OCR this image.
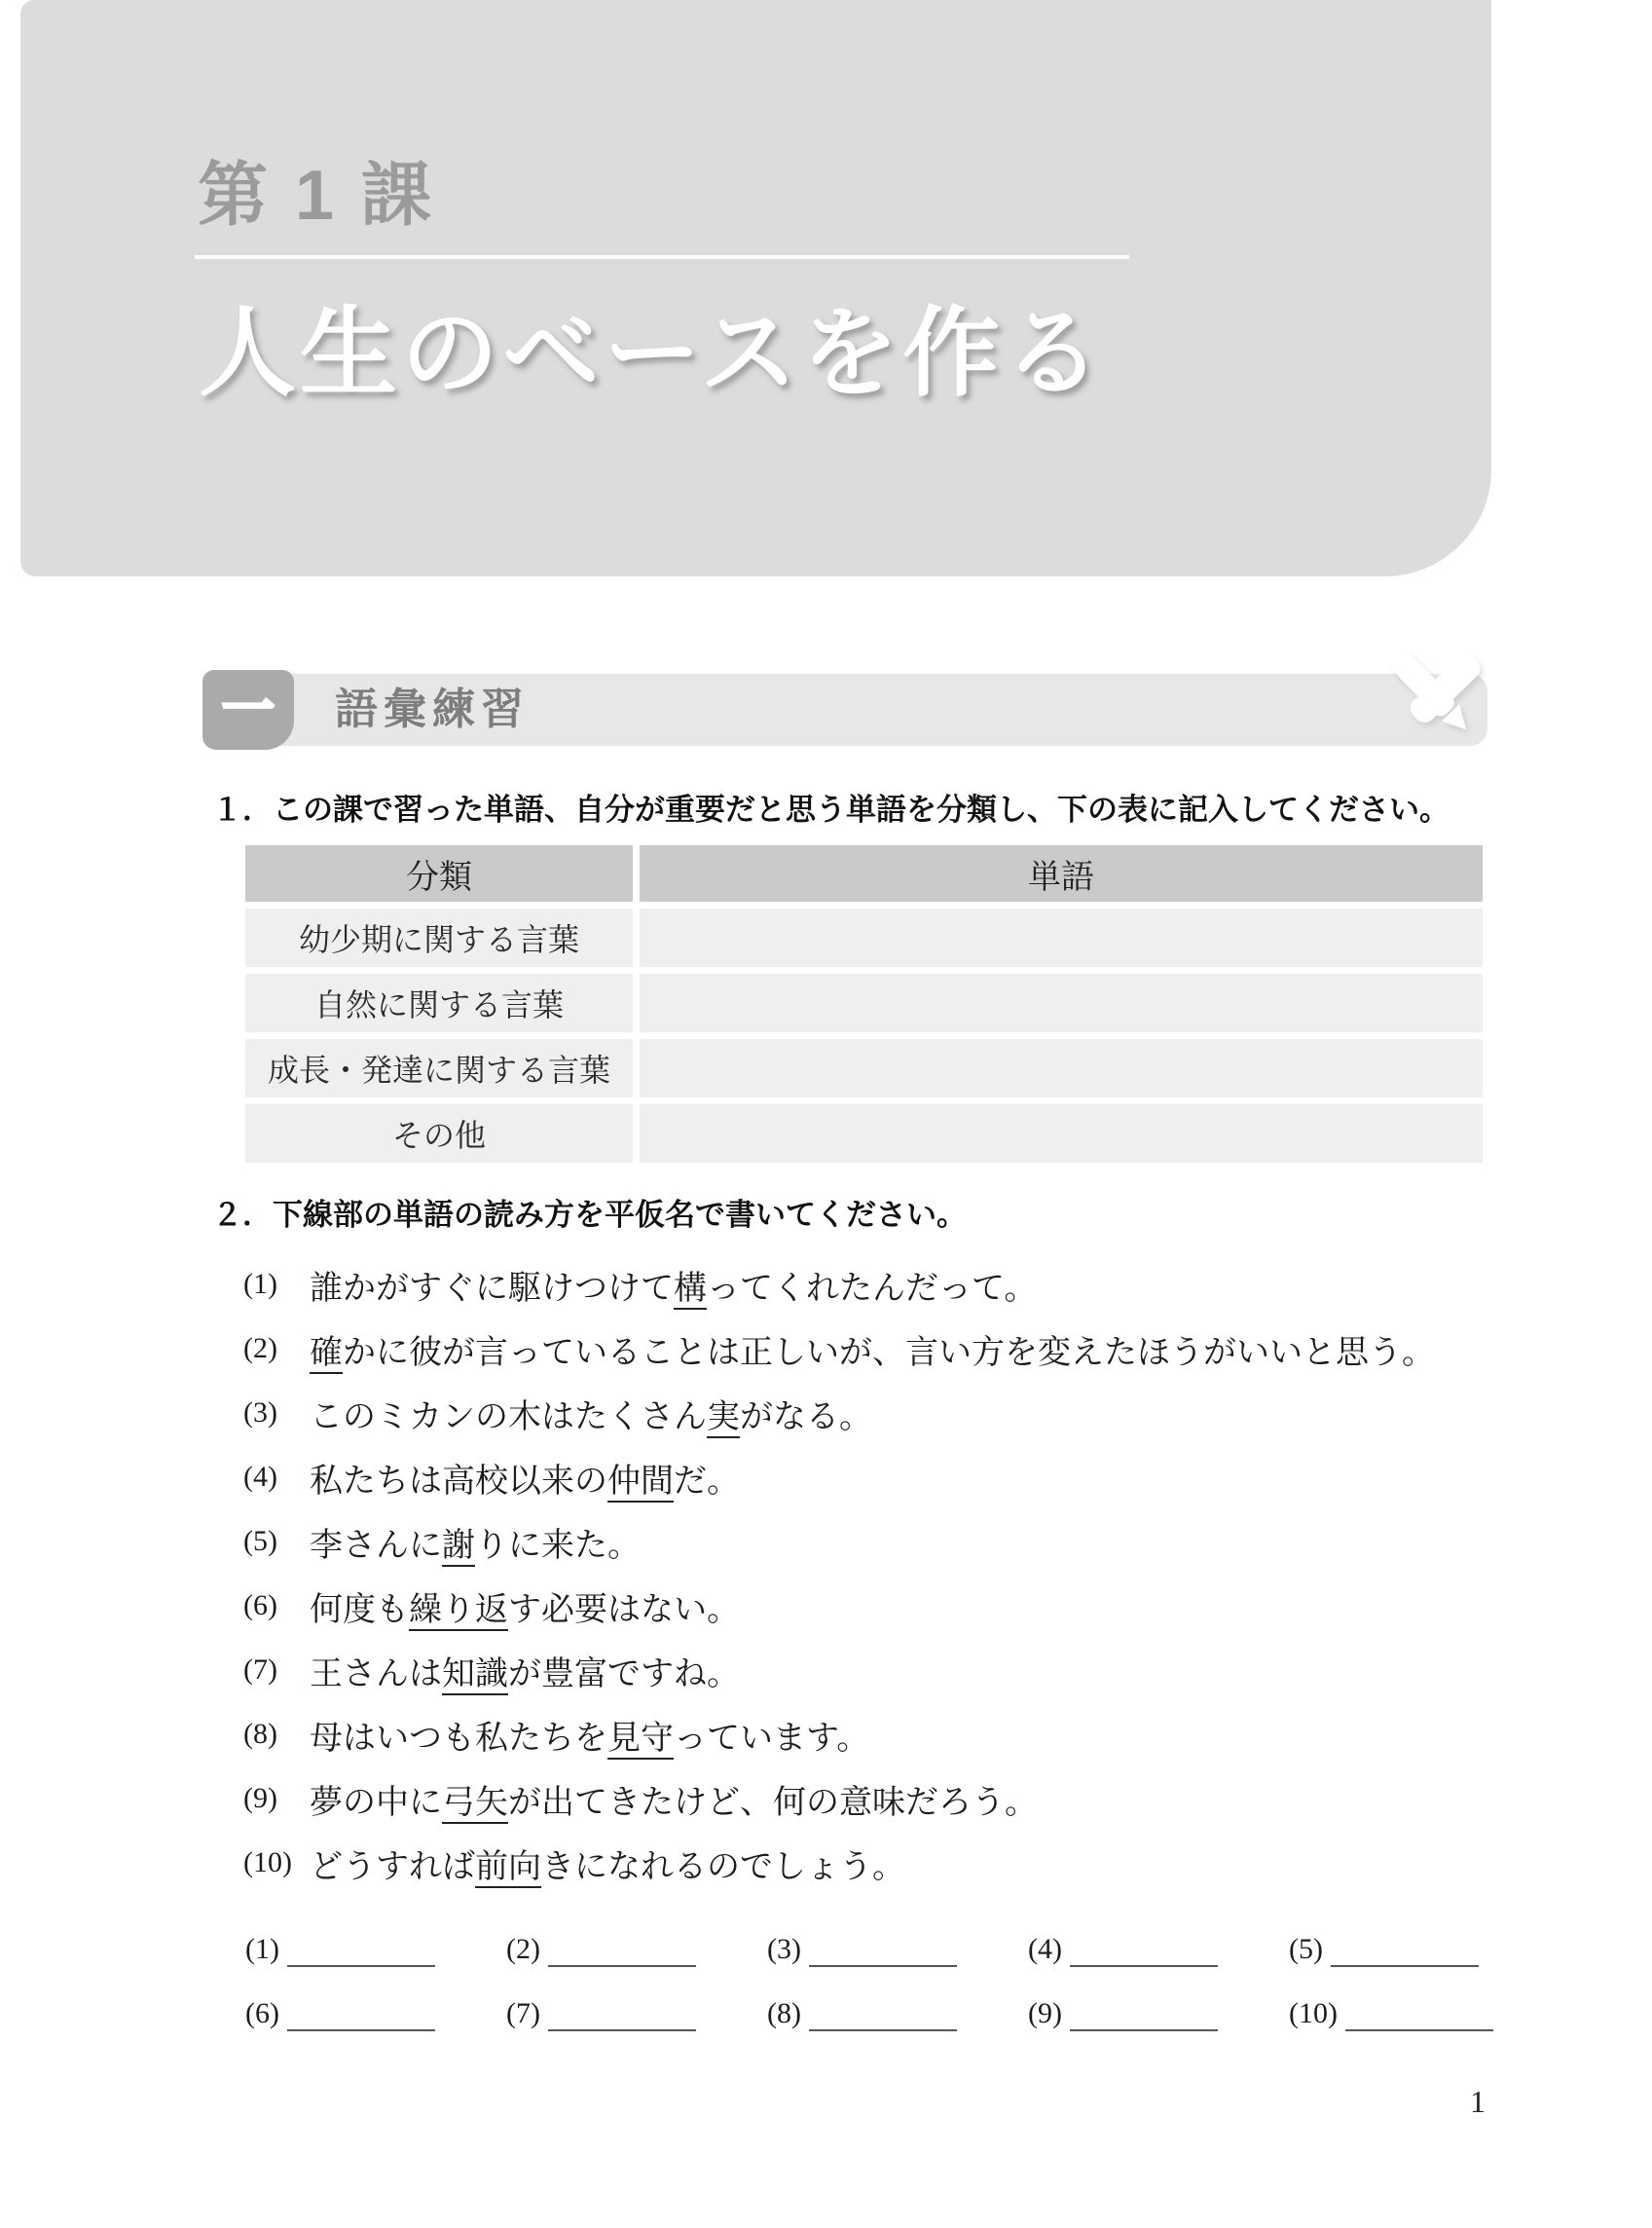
第 1 課
人生のベースを作る
一 語彙練習
１．この課で習った単語、自分が重要だと思う単語を分類し、下の表に記入してください。
分類	単語
幼少期に関する言葉
自然に関する言葉
成長・発達に関する言葉
その他
２．下線部の単語の読み方を平仮名で書いてください。
(1) 誰かがすぐに駆けつけて構ってくれたんだって。
(2) 確かに彼が言っていることは正しいが、言い方を変えたほうがいいと思う。
(3) このミカンの木はたくさん実がなる。
(4) 私たちは高校以来の仲間だ。
(5) 李さんに謝りに来た。
(6) 何度も繰り返す必要はない。
(7) 王さんは知識が豊富ですね。
(8) 母はいつも私たちを見守っています。
(9) 夢の中に弓矢が出てきたけど、何の意味だろう。
(10) どうすれば前向きになれるのでしょう。
(1)	(2)	(3)	(4)	(5)
(6)	(7)	(8)	(9)	(10)
1
